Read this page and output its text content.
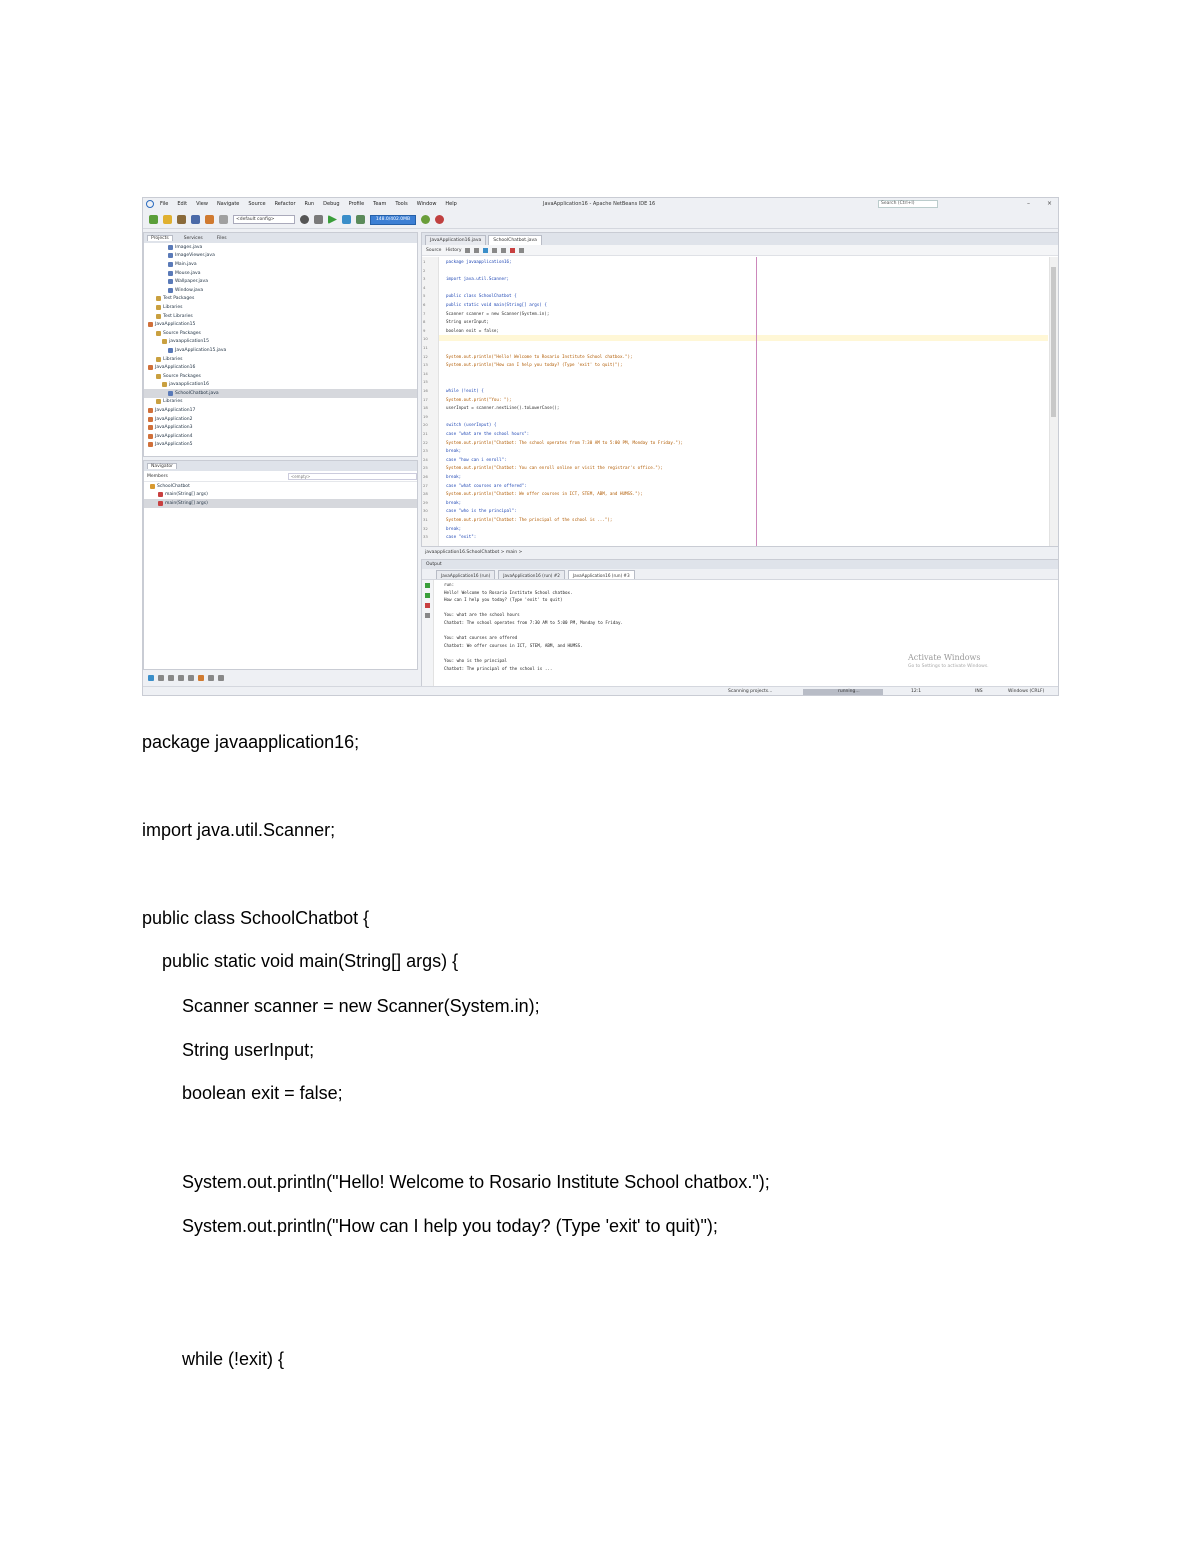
File Edit View Navigate Source Refactor Run Debug Profile Team Tools Window Help	JavaApplication16 - Apache NetBeans IDE 16	Search (Ctrl+I)	–	×
<default config>	148.0/402.0MB
Projects	Services	Files
Images.java
ImageViewer.java
Main.java
Mouse.java
Wallpaper.java
Window.java
Test Packages
Libraries
Test Libraries
JavaApplication15
Source Packages
javaapplication15
JavaApplication15.java
Libraries
JavaApplication16
Source Packages
javaapplication16
SchoolChatbot.java
Libraries
JavaApplication17
JavaApplication2
JavaApplication3
JavaApplication4
JavaApplication5
Navigator
Members	<empty>
SchoolChatbot
main(String[] args)
main(String[] args)
JavaApplication16.java	SchoolChatbot.java
Source History
1
2
3
4
5
6
7
8
9
10
11
12
13
14
15
16
17
18
19
20
21
22
23
24
25
26
27
28
29
30
31
32
33
package javaapplication16;
import java.util.Scanner;
public class SchoolChatbot {
public static void main(String[] args) {
Scanner scanner = new Scanner(System.in);
String userInput;
boolean exit = false;
System.out.println("Hello! Welcome to Rosario Institute School chatbox.");
System.out.println("How can I help you today? (Type 'exit' to quit)");
while (!exit) {
System.out.print("You: ");
userInput = scanner.nextLine().toLowerCase();
switch (userInput) {
case "what are the school hours":
System.out.println("Chatbot: The school operates from 7:30 AM to 5:00 PM, Monday to Friday.");
break;
case "how can i enroll":
System.out.println("Chatbot: You can enroll online or visit the registrar's office.");
break;
case "what courses are offered":
System.out.println("Chatbot: We offer courses in ICT, STEM, ABM, and HUMSS.");
break;
case "who is the principal":
System.out.println("Chatbot: The principal of the school is ...");
break;
case "exit":
javaapplication16.SchoolChatbot > main >
Output
JavaApplication16 (run)	JavaApplication16 (run) #2	JavaApplication16 (run) #3
run:
Hello! Welcome to Rosario Institute School chatbox.
How can I help you today? (Type 'exit' to quit)
You: what are the school hours
Chatbot: The school operates from 7:30 AM to 5:00 PM, Monday to Friday.
You: what courses are offered
Chatbot: We offer courses in ICT, STEM, ABM, and HUMSS.
You: who is the principal
Chatbot: The principal of the school is ...
Activate Windows
Go to Settings to activate Windows.
Scanning projects...	running...	12:1	INS	Windows (CRLF)
package javaapplication16;
import java.util.Scanner;
public class SchoolChatbot {
public static void main(String[] args) {
Scanner scanner = new Scanner(System.in);
String userInput;
boolean exit = false;
System.out.println("Hello! Welcome to Rosario Institute School chatbox.");
System.out.println("How can I help you today? (Type 'exit' to quit)");
while (!exit) {
